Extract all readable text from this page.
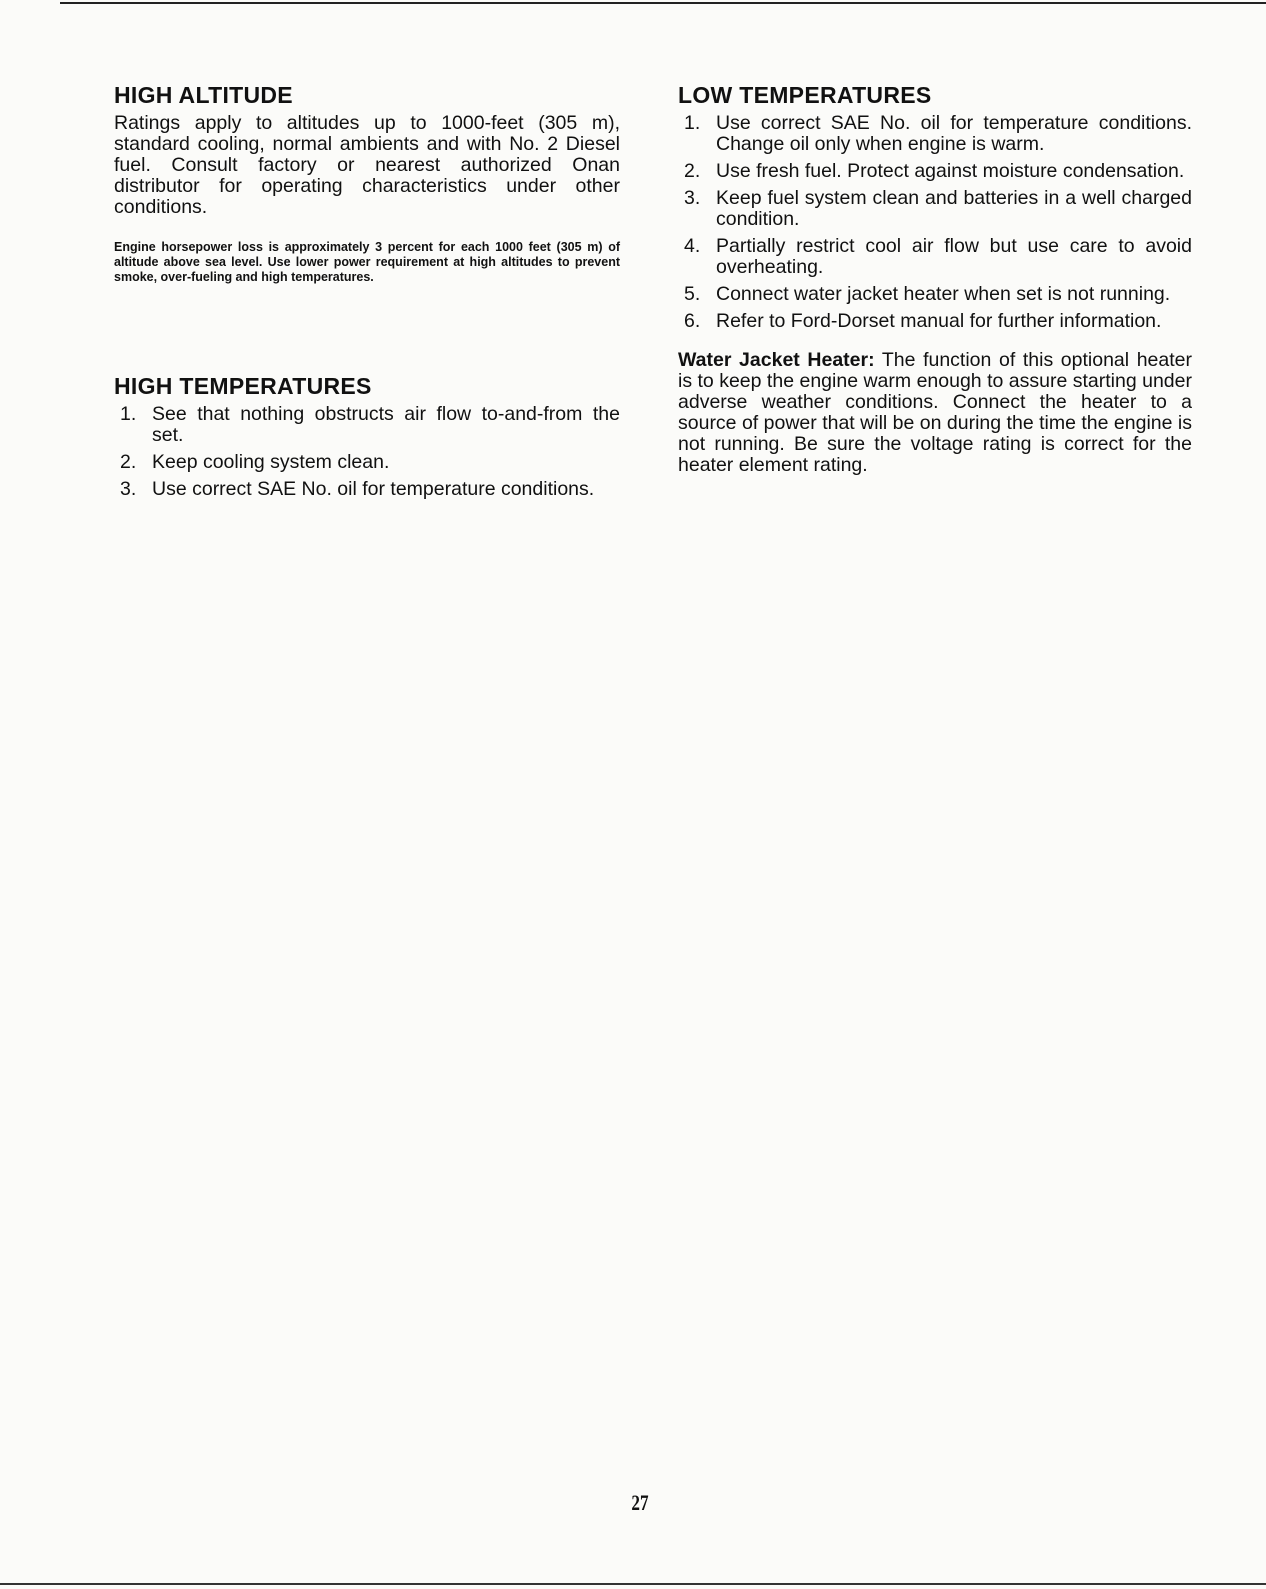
HIGH ALTITUDE

Ratings apply to altitudes up to 1000-feet (305 m), standard cooling, normal ambients and with No. 2 Diesel fuel. Consult factory or nearest authorized Onan distributor for operating characteristics under other conditions.

Engine horsepower loss is approximately 3 percent for each 1000 feet (305 m) of altitude above sea level. Use lower power requirement at high altitudes to prevent smoke, over-fueling and high temperatures.

HIGH TEMPERATURES
1. See that nothing obstructs air flow to-and-from the set.
2. Keep cooling system clean.
3. Use correct SAE No. oil for temperature conditions.
LOW TEMPERATURES
1. Use correct SAE No. oil for temperature conditions. Change oil only when engine is warm.
2. Use fresh fuel. Protect against moisture condensation.
3. Keep fuel system clean and batteries in a well charged condition.
4. Partially restrict cool air flow but use care to avoid overheating.
5. Connect water jacket heater when set is not running.
6. Refer to Ford-Dorset manual for further information.

Water Jacket Heater: The function of this optional heater is to keep the engine warm enough to assure starting under adverse weather conditions. Connect the heater to a source of power that will be on during the time the engine is not running. Be sure the voltage rating is correct for the heater element rating.

27
